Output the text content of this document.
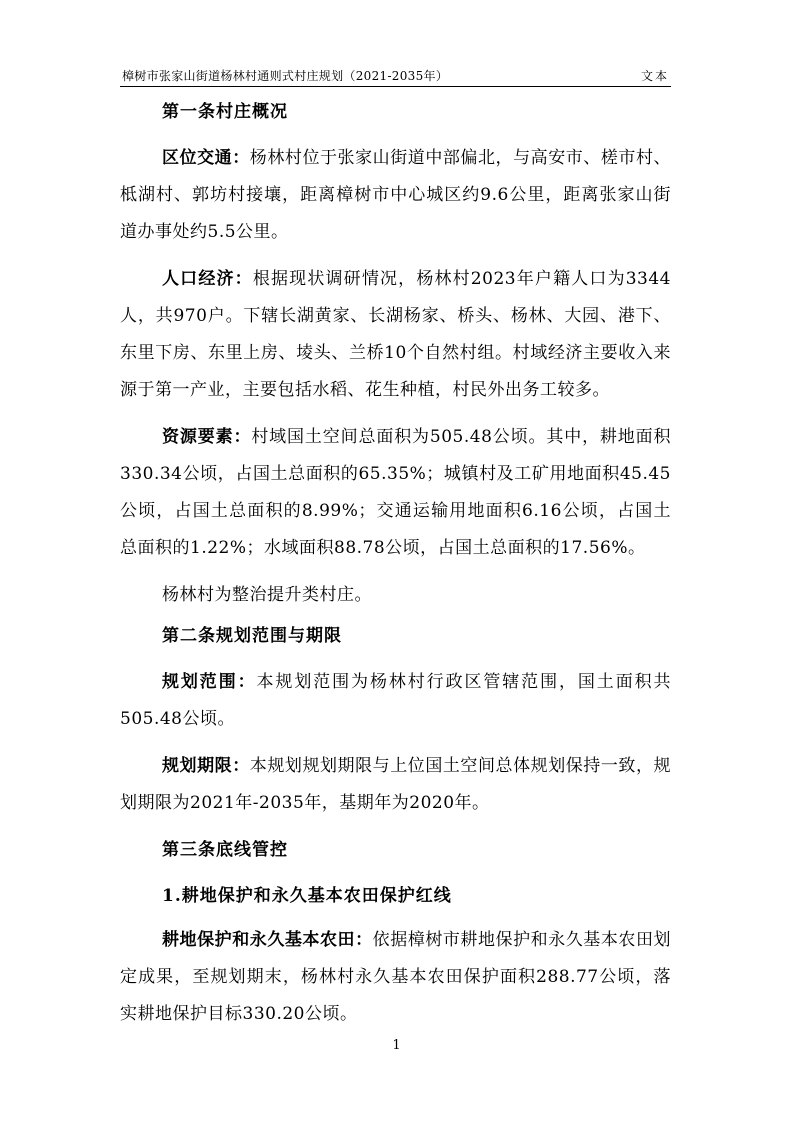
樟树市张家山街道杨林村通则式村庄规划（2021-2035年）	文本

第一条村庄概况

区位交通：杨林村位于张家山街道中部偏北，与高安市、槎市村、柢湖村、郭坊村接壤，距离樟树市中心城区约9.6公里，距离张家山街道办事处约5.5公里。

人口经济：根据现状调研情况，杨林村2023年户籍人口为3344人，共970户。下辖长湖黄家、长湖杨家、桥头、杨林、大园、港下、东里下房、东里上房、堎头、兰桥10个自然村组。村域经济主要收入来源于第一产业，主要包括水稻、花生种植，村民外出务工较多。

资源要素：村域国土空间总面积为505.48公顷。其中，耕地面积330.34公顷，占国土总面积的65.35%；城镇村及工矿用地面积45.45公顷，占国土总面积的8.99%；交通运输用地面积6.16公顷，占国土总面积的1.22%；水域面积88.78公顷，占国土总面积的17.56%。

杨林村为整治提升类村庄。

第二条规划范围与期限

规划范围：本规划范围为杨林村行政区管辖范围，国土面积共505.48公顷。

规划期限：本规划规划期限与上位国土空间总体规划保持一致，规划期限为2021年-2035年，基期年为2020年。

第三条底线管控

1.耕地保护和永久基本农田保护红线

耕地保护和永久基本农田：依据樟树市耕地保护和永久基本农田划定成果，至规划期末，杨林村永久基本农田保护面积288.77公顷，落实耕地保护目标330.20公顷。

1
